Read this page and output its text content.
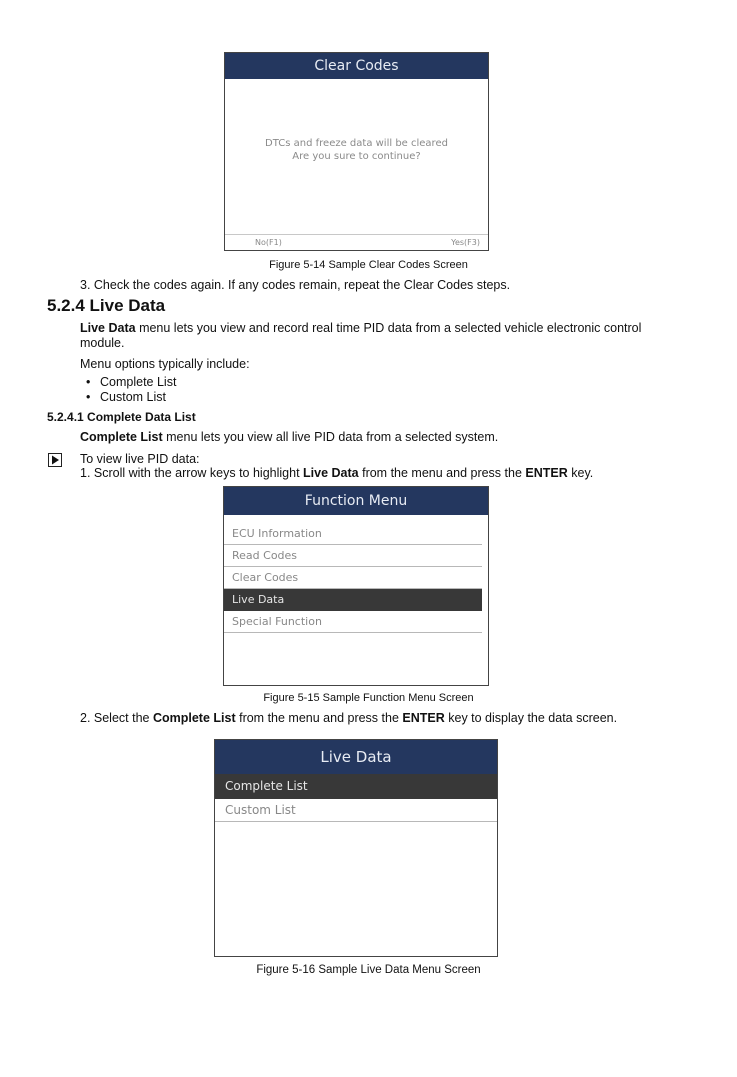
Clear Codes
DTCs and freeze data will be cleared
Are you sure to continue?
No(F1)	Yes(F3)
Figure 5-14 Sample Clear Codes Screen
3. Check the codes again. If any codes remain, repeat the Clear Codes steps.
5.2.4 Live Data
Live Data menu lets you view and record real time PID data from a selected vehicle electronic control
module.
Menu options typically include:
• Complete List
• Custom List
5.2.4.1 Complete Data List
Complete List menu lets you view all live PID data from a selected system.
To view live PID data:
1. Scroll with the arrow keys to highlight Live Data from the menu and press the ENTER key.
Function Menu
ECU Information
Read Codes
Clear Codes
Live Data
Special Function
Figure 5-15 Sample Function Menu Screen
2. Select the Complete List from the menu and press the ENTER key to display the data screen.
Live Data
Complete List
Custom List
Figure 5-16 Sample Live Data Menu Screen
